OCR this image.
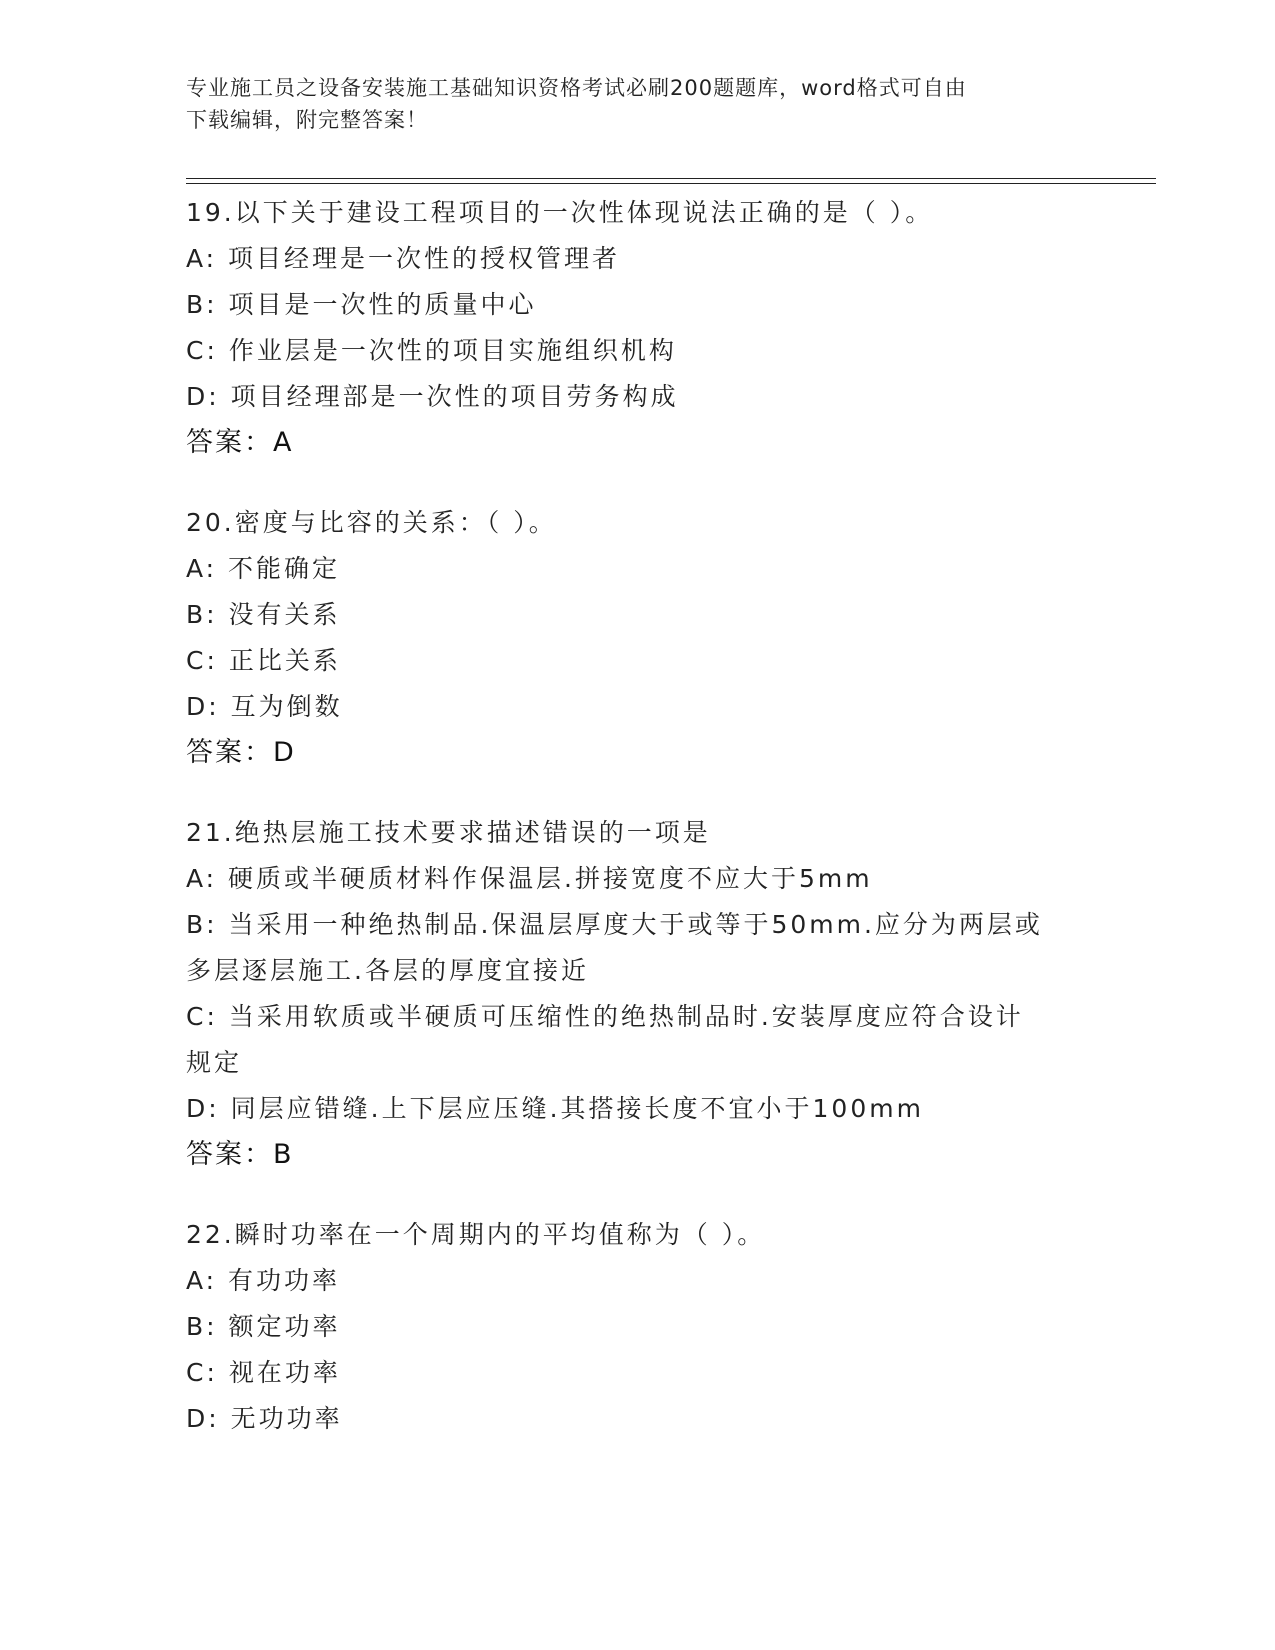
专业施工员之设备安装施工基础知识资格考试必刷200题题库，word格式可自由
下载编辑，附完整答案！
19.以下关于建设工程项目的一次性体现说法正确的是（ ）。
A: 项目经理是一次性的授权管理者
B: 项目是一次性的质量中心
C: 作业层是一次性的项目实施组织机构
D: 项目经理部是一次性的项目劳务构成
答案：A
20.密度与比容的关系：（ ）。
A: 不能确定
B: 没有关系
C: 正比关系
D: 互为倒数
答案：D
21.绝热层施工技术要求描述错误的一项是
A: 硬质或半硬质材料作保温层.拼接宽度不应大于5mm
B: 当采用一种绝热制品.保温层厚度大于或等于50mm.应分为两层或多层逐层施工.各层的厚度宜接近
C: 当采用软质或半硬质可压缩性的绝热制品时.安装厚度应符合设计规定
D: 同层应错缝.上下层应压缝.其搭接长度不宜小于100mm
答案：B
22.瞬时功率在一个周期内的平均值称为（ ）。
A: 有功功率
B: 额定功率
C: 视在功率
D: 无功功率
